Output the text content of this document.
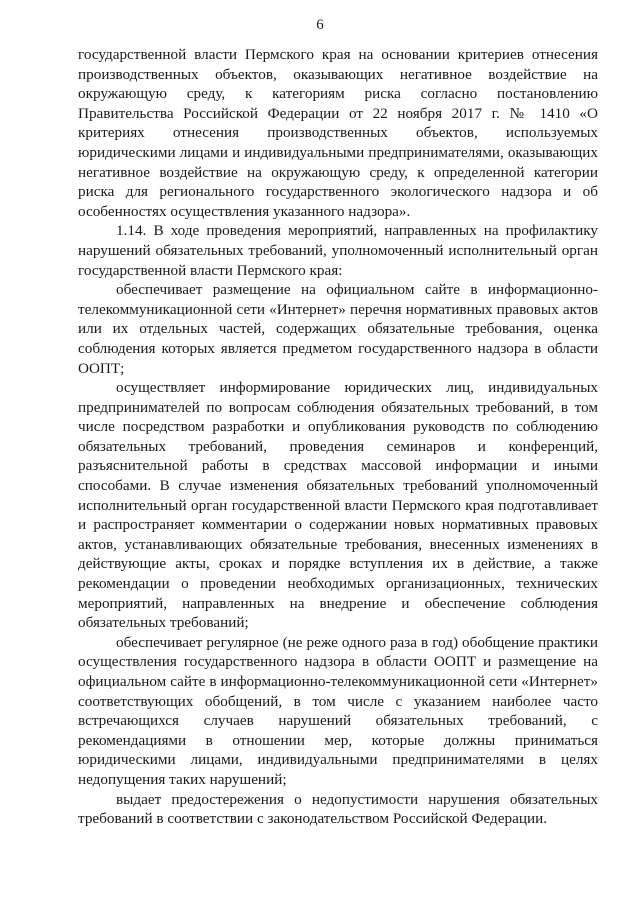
6

государственной власти Пермского края на основании критериев отнесения производственных объектов, оказывающих негативное воздействие на окружающую среду, к категориям риска согласно постановлению Правительства Российской Федерации от 22 ноября 2017 г. № 1410 «О критериях отнесения производственных объектов, используемых юридическими лицами и индивидуальными предпринимателями, оказывающих негативное воздействие на окружающую среду, к определенной категории риска для регионального государственного экологического надзора и об особенностях осуществления указанного надзора».

1.14. В ходе проведения мероприятий, направленных на профилактику нарушений обязательных требований, уполномоченный исполнительный орган государственной власти Пермского края:

обеспечивает размещение на официальном сайте в информационно-телекоммуникационной сети «Интернет» перечня нормативных правовых актов или их отдельных частей, содержащих обязательные требования, оценка соблюдения которых является предметом государственного надзора в области ООПТ;

осуществляет информирование юридических лиц, индивидуальных предпринимателей по вопросам соблюдения обязательных требований, в том числе посредством разработки и опубликования руководств по соблюдению обязательных требований, проведения семинаров и конференций, разъяснительной работы в средствах массовой информации и иными способами. В случае изменения обязательных требований уполномоченный исполнительный орган государственной власти Пермского края подготавливает и распространяет комментарии о содержании новых нормативных правовых актов, устанавливающих обязательные требования, внесенных изменениях в действующие акты, сроках и порядке вступления их в действие, а также рекомендации о проведении необходимых организационных, технических мероприятий, направленных на внедрение и обеспечение соблюдения обязательных требований;

обеспечивает регулярное (не реже одного раза в год) обобщение практики осуществления государственного надзора в области ООПТ и размещение на официальном сайте в информационно-телекоммуникационной сети «Интернет» соответствующих обобщений, в том числе с указанием наиболее часто встречающихся случаев нарушений обязательных требований, с рекомендациями в отношении мер, которые должны приниматься юридическими лицами, индивидуальными предпринимателями в целях недопущения таких нарушений;

выдает предостережения о недопустимости нарушения обязательных требований в соответствии с законодательством Российской Федерации.
